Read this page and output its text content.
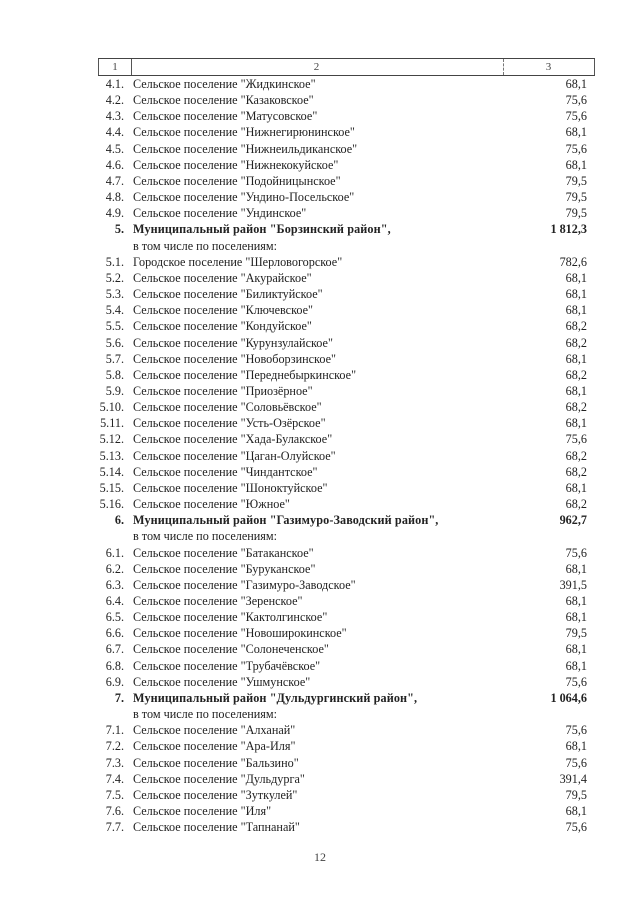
1	2	3
4.1. Сельское поселение "Жидкинское"	68,1
4.2. Сельское поселение "Казаковское"	75,6
4.3. Сельское поселение "Матусовское"	75,6
4.4. Сельское поселение "Нижнегирюнинское"	68,1
4.5. Сельское поселение "Нижнеильдиканское"	75,6
4.6. Сельское поселение "Нижнекокуйское"	68,1
4.7. Сельское поселение "Подойницынское"	79,5
4.8. Сельское поселение "Ундино-Посельское"	79,5
4.9. Сельское поселение "Ундинское"	79,5
5. Муниципальный район "Борзинский район",	1 812,3
в том числе по поселениям:
5.1. Городское поселение "Шерловогорское"	782,6
5.2. Сельское поселение "Акурайское"	68,1
5.3. Сельское поселение "Биликтуйское"	68,1
5.4. Сельское поселение "Ключевское"	68,1
5.5. Сельское поселение "Кондуйское"	68,2
5.6. Сельское поселение "Курунзулайское"	68,2
5.7. Сельское поселение "Новоборзинское"	68,1
5.8. Сельское поселение "Переднебыркинское"	68,2
5.9. Сельское поселение "Приозёрное"	68,1
5.10. Сельское поселение "Соловьёвское"	68,2
5.11. Сельское поселение "Усть-Озёрское"	68,1
5.12. Сельское поселение "Хада-Булакское"	75,6
5.13. Сельское поселение "Цаган-Олуйское"	68,2
5.14. Сельское поселение "Чиндантское"	68,2
5.15. Сельское поселение "Шоноктуйское"	68,1
5.16. Сельское поселение "Южное"	68,2
6. Муниципальный район "Газимуро-Заводский район",	962,7
в том числе по поселениям:
6.1. Сельское поселение "Батаканское"	75,6
6.2. Сельское поселение "Буруканское"	68,1
6.3. Сельское поселение "Газимуро-Заводское"	391,5
6.4. Сельское поселение "Зеренское"	68,1
6.5. Сельское поселение "Кактолгинское"	68,1
6.6. Сельское поселение "Новоширокинское"	79,5
6.7. Сельское поселение "Солонеченское"	68,1
6.8. Сельское поселение "Трубачёвское"	68,1
6.9. Сельское поселение "Ушмунское"	75,6
7. Муниципальный район "Дульдургинский район",	1 064,6
в том числе по поселениям:
7.1. Сельское поселение "Алханай"	75,6
7.2. Сельское поселение "Ара-Иля"	68,1
7.3. Сельское поселение "Бальзино"	75,6
7.4. Сельское поселение "Дульдурга"	391,4
7.5. Сельское поселение "Зуткулей"	79,5
7.6. Сельское поселение "Иля"	68,1
7.7. Сельское поселение "Тапнанай"	75,6
12
